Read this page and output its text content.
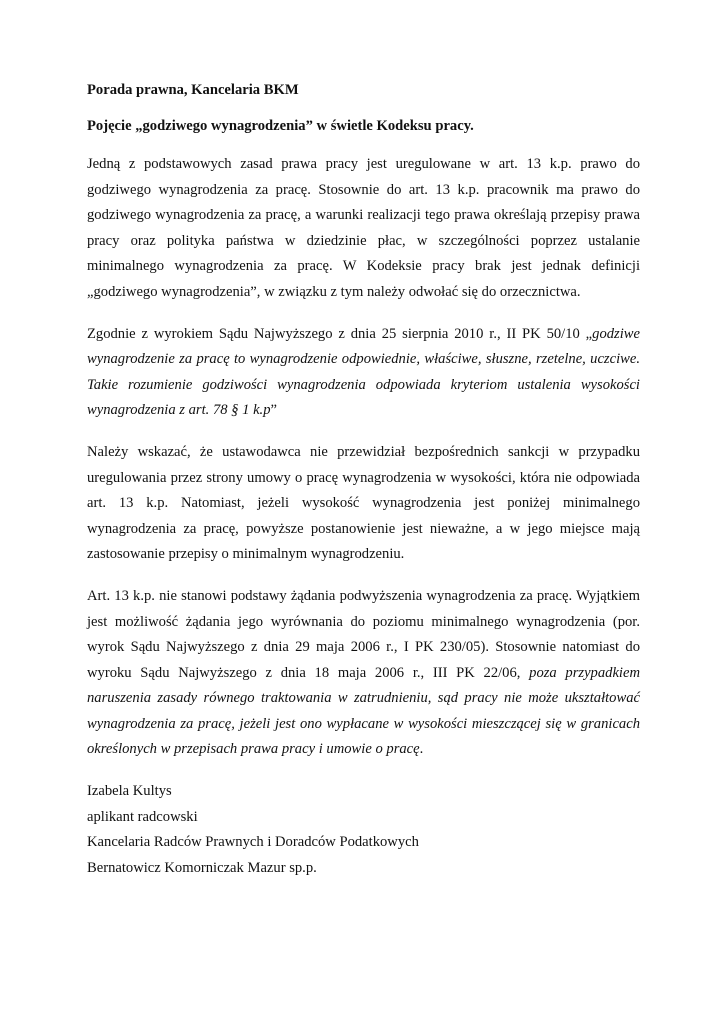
Porada prawna, Kancelaria BKM

Pojęcie „godziwego wynagrodzenia” w świetle Kodeksu pracy.

Jedną z podstawowych zasad prawa pracy jest uregulowane w art. 13 k.p. prawo do godziwego wynagrodzenia za pracę. Stosownie do art. 13 k.p. pracownik ma prawo do godziwego wynagrodzenia za pracę, a warunki realizacji tego prawa określają przepisy prawa pracy oraz polityka państwa w dziedzinie płac, w szczególności poprzez ustalanie minimalnego wynagrodzenia za pracę. W Kodeksie pracy brak jest jednak definicji „godziwego wynagrodzenia”, w związku z tym należy odwołać się do orzecznictwa.

Zgodnie z wyrokiem Sądu Najwyższego z dnia 25 sierpnia 2010 r., II PK 50/10 „godziwe wynagrodzenie za pracę to wynagrodzenie odpowiednie, właściwe, słuszne, rzetelne, uczciwe. Takie rozumienie godziwości wynagrodzenia odpowiada kryteriom ustalenia wysokości wynagrodzenia z art. 78 § 1 k.p”

Należy wskazać, że ustawodawca nie przewidział bezpośrednich sankcji w przypadku uregulowania przez strony umowy o pracę wynagrodzenia w wysokości, która nie odpowiada art. 13 k.p. Natomiast, jeżeli wysokość wynagrodzenia jest poniżej minimalnego wynagrodzenia za pracę, powyższe postanowienie jest nieważne, a w jego miejsce mają zastosowanie przepisy o minimalnym wynagrodzeniu.

Art. 13 k.p. nie stanowi podstawy żądania podwyższenia wynagrodzenia za pracę. Wyjątkiem jest możliwość żądania jego wyrównania do poziomu minimalnego wynagrodzenia (por. wyrok Sądu Najwyższego z dnia 29 maja 2006 r., I PK 230/05). Stosownie natomiast do wyroku Sądu Najwyższego z dnia 18 maja 2006 r., III PK 22/06, poza przypadkiem naruszenia zasady równego traktowania w zatrudnieniu, sąd pracy nie może ukształtować wynagrodzenia za pracę, jeżeli jest ono wypłacane w wysokości mieszczącej się w granicach określonych w przepisach prawa pracy i umowie o pracę.

Izabela Kultys
aplikant radcowski
Kancelaria Radców Prawnych i Doradców Podatkowych
Bernatowicz Komorniczak Mazur sp.p.
